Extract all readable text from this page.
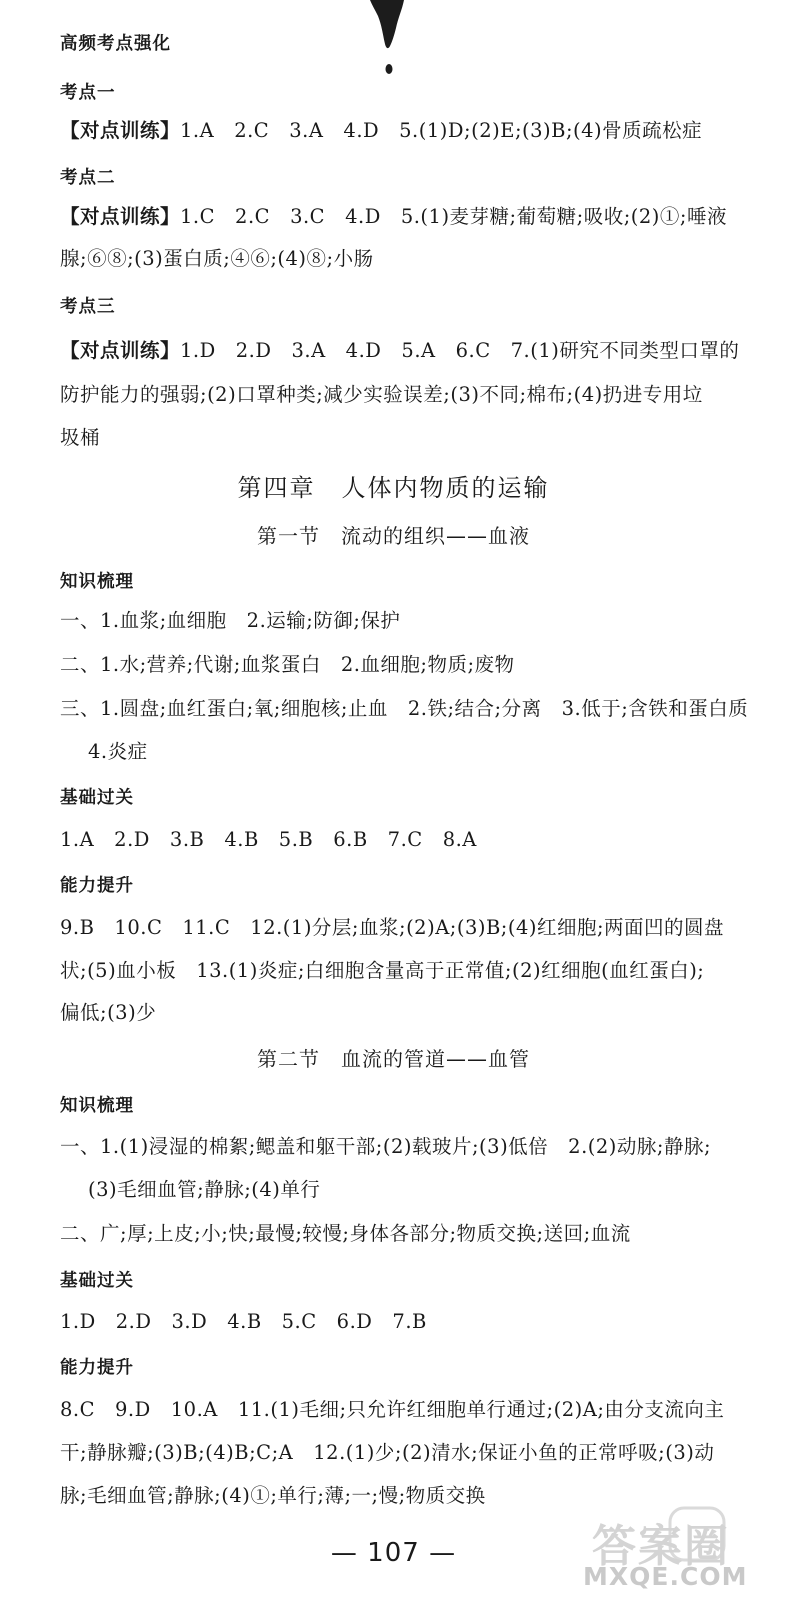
高频考点强化
考点一
【对点训练】1.A　2.C　3.A　4.D　5.(1)D;(2)E;(3)B;(4)骨质疏松症
考点二
【对点训练】1.C　2.C　3.C　4.D　5.(1)麦芽糖;葡萄糖;吸收;(2)①;唾液
腺;⑥⑧;(3)蛋白质;④⑥;(4)⑧;小肠
考点三
【对点训练】1.D　2.D　3.A　4.D　5.A　6.C　7.(1)研究不同类型口罩的
防护能力的强弱;(2)口罩种类;减少实验误差;(3)不同;棉布;(4)扔进专用垃
圾桶
第四章　人体内物质的运输
第一节　流动的组织——血液
知识梳理
一、1.血浆;血细胞　2.运输;防御;保护
二、1.水;营养;代谢;血浆蛋白　2.血细胞;物质;废物
三、1.圆盘;血红蛋白;氧;细胞核;止血　2.铁;结合;分离　3.低于;含铁和蛋白质
4.炎症
基础过关
1.A　2.D　3.B　4.B　5.B　6.B　7.C　8.A
能力提升
9.B　10.C　11.C　12.(1)分层;血浆;(2)A;(3)B;(4)红细胞;两面凹的圆盘
状;(5)血小板　13.(1)炎症;白细胞含量高于正常值;(2)红细胞(血红蛋白);
偏低;(3)少
第二节　血流的管道——血管
知识梳理
一、1.(1)浸湿的棉絮;鳃盖和躯干部;(2)载玻片;(3)低倍　2.(2)动脉;静脉;
(3)毛细血管;静脉;(4)单行
二、广;厚;上皮;小;快;最慢;较慢;身体各部分;物质交换;送回;血流
基础过关
1.D　2.D　3.D　4.B　5.C　6.D　7.B
能力提升
8.C　9.D　10.A　11.(1)毛细;只允许红细胞单行通过;(2)A;由分支流向主
干;静脉瓣;(3)B;(4)B;C;A　12.(1)少;(2)清水;保证小鱼的正常呼吸;(3)动
脉;毛细血管;静脉;(4)①;单行;薄;一;慢;物质交换
— 107 —	答案圈
MXQE.COM
